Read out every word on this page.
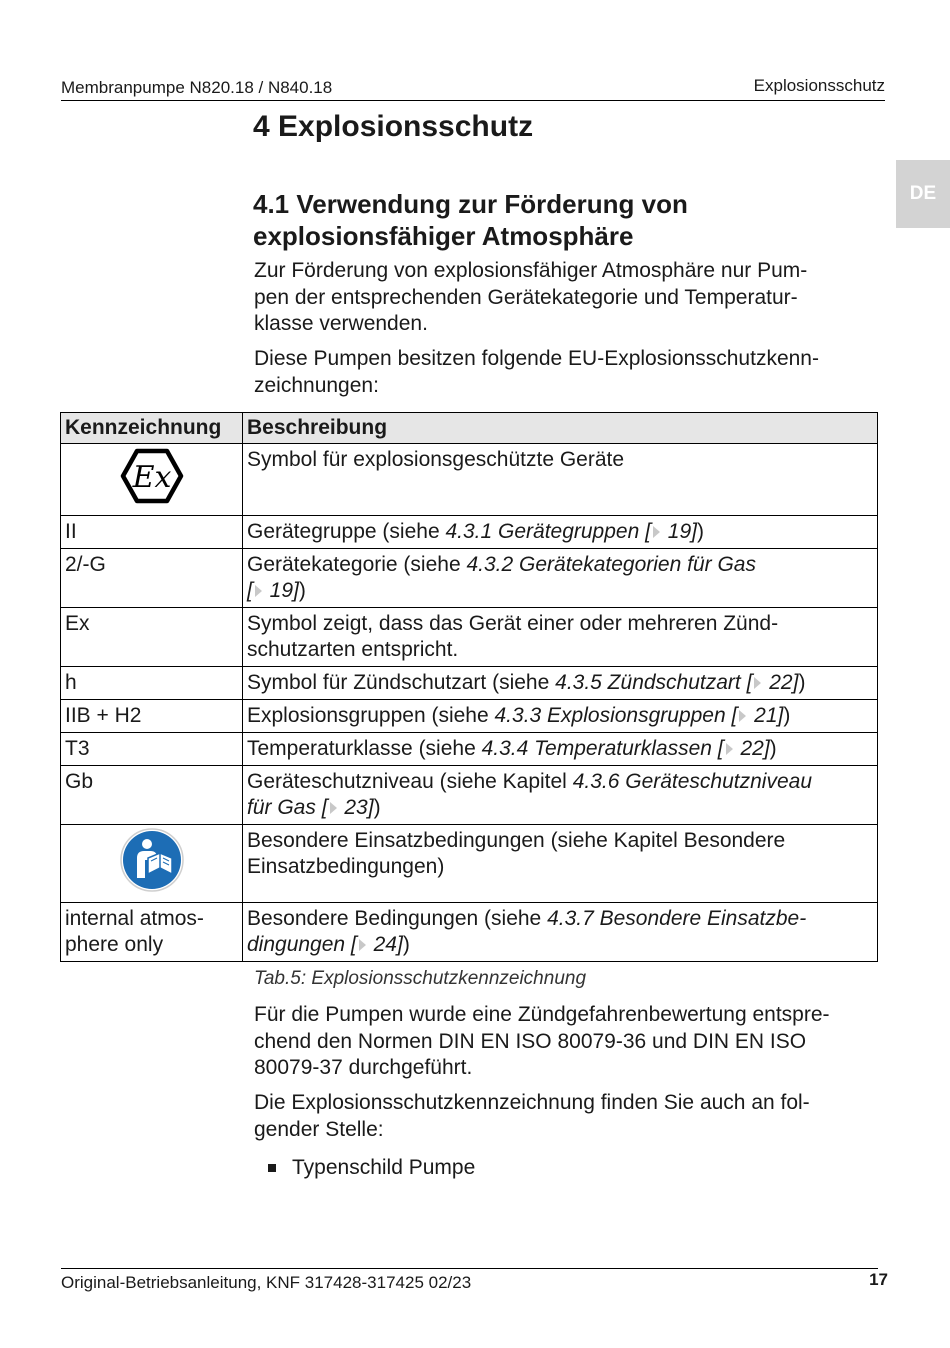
Membranpumpe N820.18 / N840.18	Explosionsschutz
DE
4 Explosionsschutz
4.1 Verwendung zur Förderung von explosionsfähiger Atmosphäre

Zur Förderung von explosionsfähiger Atmosphäre nur Pum-
pen der entsprechenden Gerätekategorie und Temperatur-
klasse verwenden.

Diese Pumpen besitzen folgende EU-Explosionsschutzkenn-
zeichnungen:

Kennzeichnung	Beschreibung

Ex	Symbol für explosionsgeschützte Geräte
II	Gerätegruppe (siehe 4.3.1 Gerätegruppen [ 19])
2/-G	Gerätekategorie (siehe 4.3.2 Gerätekategorien für Gas
[ 19])
Ex	Symbol zeigt, dass das Gerät einer oder mehreren Zünd-
schutzarten entspricht.
h	Symbol für Zündschutzart (siehe 4.3.5 Zündschutzart [ 22])
IIB + H2	Explosionsgruppen (siehe 4.3.3 Explosionsgruppen [ 21])
T3	Temperaturklasse (siehe 4.3.4 Temperaturklassen [ 22])
Gb	Geräteschutzniveau (siehe Kapitel 4.3.6 Geräteschutzniveau
für Gas [ 23])
	Besondere Einsatzbedingungen (siehe Kapitel Besondere
Einsatzbedingungen)
internal atmos-
phere only	Besondere Bedingungen (siehe 4.3.7 Besondere Einsatzbe-
dingungen [ 24])
Tab.5: Explosionsschutzkennzeichnung

Für die Pumpen wurde eine Zündgefahrenbewertung entspre-
chend den Normen DIN EN ISO 80079-36 und DIN EN ISO
80079-37 durchgeführt.

Die Explosionsschutzkennzeichnung finden Sie auch an fol-
gender Stelle:

Typenschild Pumpe
Original-Betriebsanleitung, KNF 317428-317425 02/23	17
